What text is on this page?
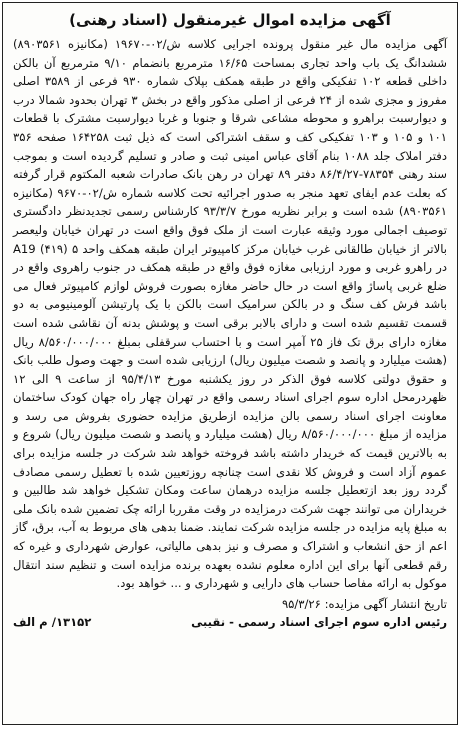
آگهی مزایده اموال غیرمنقول (اسناد رهنی)

آگهی مزایده مال غیر منقول پرونده اجرایی کلاسه ش/۰۲-۱۹۶۷۰ (مکانیزه ۸۹۰۳۵۶۱) ششدانگ یک باب واحد تجاری بمساحت ۱۶/۶۵ مترمربع بانضمام ۹/۱۰ مترمربع آن بالکن داخلی قطعه ۱۰۲ تفکیکی واقع در طبقه همکف بپلاک شماره ۹۳۰ فرعی از ۳۵۸۹ اصلی مفروز و مجزی شده از ۲۴ فرعی از اصلی مذکور واقع در بخش ۳ تهران بحدود شمالا درب و دیوارسبت براهرو و محوطه مشاعی شرقا و جنوبا و غربا دیوارسبت مشترک با قطعات ۱۰۱ و ۱۰۵ و ۱۰۳ تفکیکی کف و سقف اشتراکی است که ذیل ثبت ۱۶۴۲۵۸ صفحه ۳۵۶ دفتر املاک جلد ۱۰۸۸ بنام آقای عباس امینی ثبت و صادر و تسلیم گردیده است و بموجب سند رهنی ۷۸۳۵۴-۸۶/۴/۲۷ دفتر ۸۹ تهران در رهن بانک صادرات شعبه المکتوم قرار گرفته که بعلت عدم ایفای تعهد منجر به صدور اجرائیه تحت کلاسه شماره ش/۰۲-۹۶۷۰ (مکانیزه ۸۹۰۳۵۶۱) شده است و برابر نظریه مورخ ۹۳/۳/۷ کارشناس رسمی تجدیدنظر دادگستری توصیف اجمالی مورد وثیقه عبارت است از ملک فوق واقع است در تهران خیابان ولیعصر بالاتر از خیابان طالقانی غرب خیابان مرکز کامپیوتر ایران طبقه همکف واحد ۵ (۴۱۹) A19 در راهرو غربی و مورد ارزیابی مغازه فوق واقع در طبقه همکف در جنوب راهروی واقع در ضلع غربی پاساژ واقع است در حال حاضر مغازه بصورت فروش لوازم کامپیوتر فعال می باشد فرش کف سنگ و در بالکن سرامیک است بالکن با یک پارتیشن آلومینیومی به دو قسمت تقسیم شده است و دارای بالابر برقی است و پوشش بدنه آن نقاشی شده است مغازه دارای برق تک فاز ۲۵ آمپر است و با احتساب سرقفلی بمبلغ ۸/۵۶۰/۰۰۰/۰۰۰ ریال (هشت میلیارد و پانصد و شصت میلیون ریال) ارزیابی شده است و جهت وصول طلب بانک و حقوق دولتی کلاسه فوق الذکر در روز یکشنبه مورخ ۹۵/۴/۱۳ از ساعت ۹ الی ۱۲ ظهردرمحل اداره سوم اجرای اسناد رسمی واقع در تهران چهار راه جهان کودک ساختمان معاونت اجرای اسناد رسمی بالن مزایده ازطریق مزایده حضوری بفروش می رسد و مزایده از مبلغ ۸/۵۶۰/۰۰۰/۰۰۰ ریال (هشت میلیارد و پانصد و شصت میلیون ریال) شروع و به بالاترین قیمت که خریدار داشته باشد فروخته خواهد شد شرکت در جلسه مزایده برای عموم آزاد است و فروش کلا نقدی است چنانچه روزتعیین شده با تعطیل رسمی مصادف گردد روز بعد ازتعطیل جلسه مزایده درهمان ساعت ومکان تشکیل خواهد شد طالبین و خریداران می توانند جهت شرکت درمزایده در وقت مقرربا ارائه چک تضمین شده بانک ملی به مبلغ پایه مزایده در جلسه مزایده شرکت نمایند. ضمنا بدهی های مربوط به آب، برق، گاز اعم از حق انشعاب و اشتراک و مصرف و نیز بدهی مالیاتی، عوارض شهرداری و غیره که رقم قطعی آنها برای این اداره معلوم نشده بعهده برنده مزایده است و تنظیم سند انتقال موکول به ارائه مفاصا حساب های دارایی و شهرداری و ... خواهد بود.

تاریخ انتشار آگهی مزایده: ۹۵/۳/۲۶
رئیس اداره سوم اجرای اسناد رسمی - نقیبی
۱۳۱۵۲/ م الف
